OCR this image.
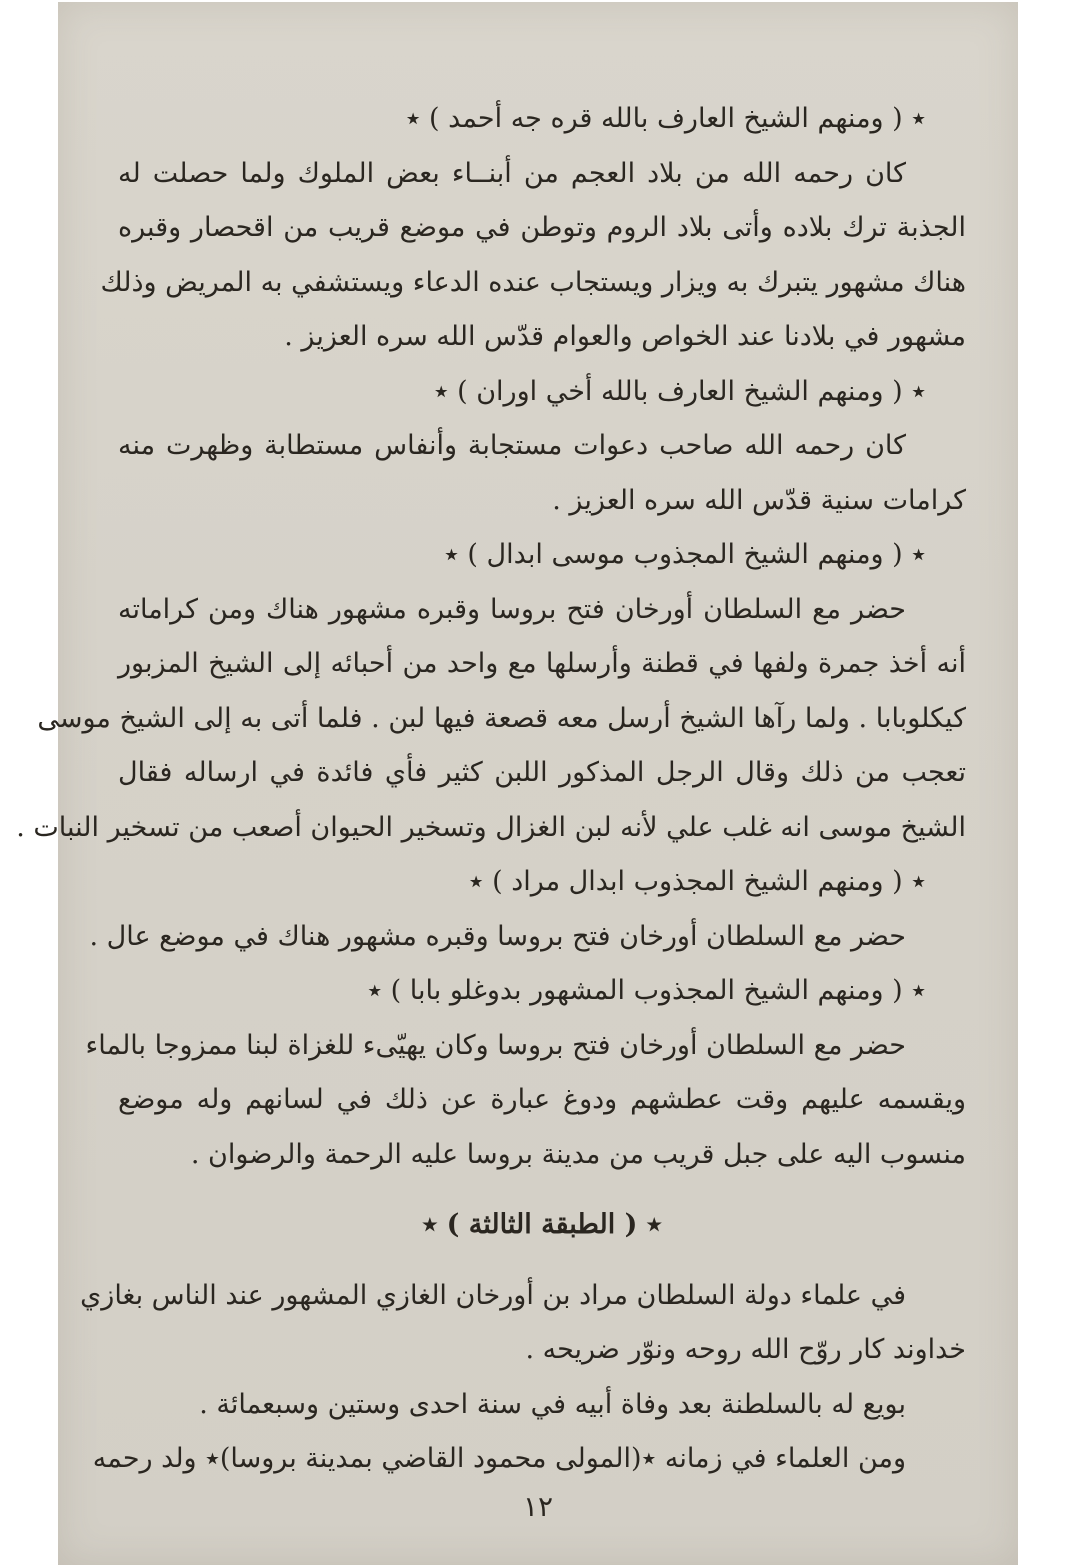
٭ ( ومنهم الشيخ العارف بالله قره جه أحمد ) ٭
كان رحمه الله من بلاد العجم من أبنــاء بعض الملوك ولما حصلت له
الجذبة ترك بلاده وأتى بلاد الروم وتوطن في موضع قريب من اقحصار وقبره
هناك مشهور يتبرك به ويزار ويستجاب عنده الدعاء ويستشفي به المريض وذلك
مشهور في بلادنا عند الخواص والعوام قدّس الله سره العزيز .
٭ ( ومنهم الشيخ العارف بالله أخي اوران ) ٭
كان رحمه الله صاحب دعوات مستجابة وأنفاس مستطابة وظهرت منه
كرامات سنية قدّس الله سره العزيز .
٭ ( ومنهم الشيخ المجذوب موسى ابدال ) ٭
حضر مع السلطان أورخان فتح بروسا وقبره مشهور هناك ومن كراماته
أنه أخذ جمرة ولفها في قطنة وأرسلها مع واحد من أحبائه إلى الشيخ المزبور
كيكلوبابا . ولما رآها الشيخ أرسل معه قصعة فيها لبن . فلما أتى به إلى الشيخ موسى
تعجب من ذلك وقال الرجل المذكور اللبن كثير فأي فائدة في ارساله فقال
الشيخ موسى انه غلب علي لأنه لبن الغزال وتسخير الحيوان أصعب من تسخير النبات .
٭ ( ومنهم الشيخ المجذوب ابدال مراد ) ٭
حضر مع السلطان أورخان فتح بروسا وقبره مشهور هناك في موضع عال .
٭ ( ومنهم الشيخ المجذوب المشهور بدوغلو بابا ) ٭
حضر مع السلطان أورخان فتح بروسا وكان يهيّىء للغزاة لبنا ممزوجا بالماء
ويقسمه عليهم وقت عطشهم ودوغ عبارة عن ذلك في لسانهم وله موضع
منسوب اليه على جبل قريب من مدينة بروسا عليه الرحمة والرضوان .
٭ ( الطبقة الثالثة ) ٭
في علماء دولة السلطان مراد بن أورخان الغازي المشهور عند الناس بغازي
خداوند كار روّح الله روحه ونوّر ضريحه .
بويع له بالسلطنة بعد وفاة أبيه في سنة احدى وستين وسبعمائة .
ومن العلماء في زمانه ٭(المولى محمود القاضي بمدينة بروسا)٭ ولد رحمه
١٢
